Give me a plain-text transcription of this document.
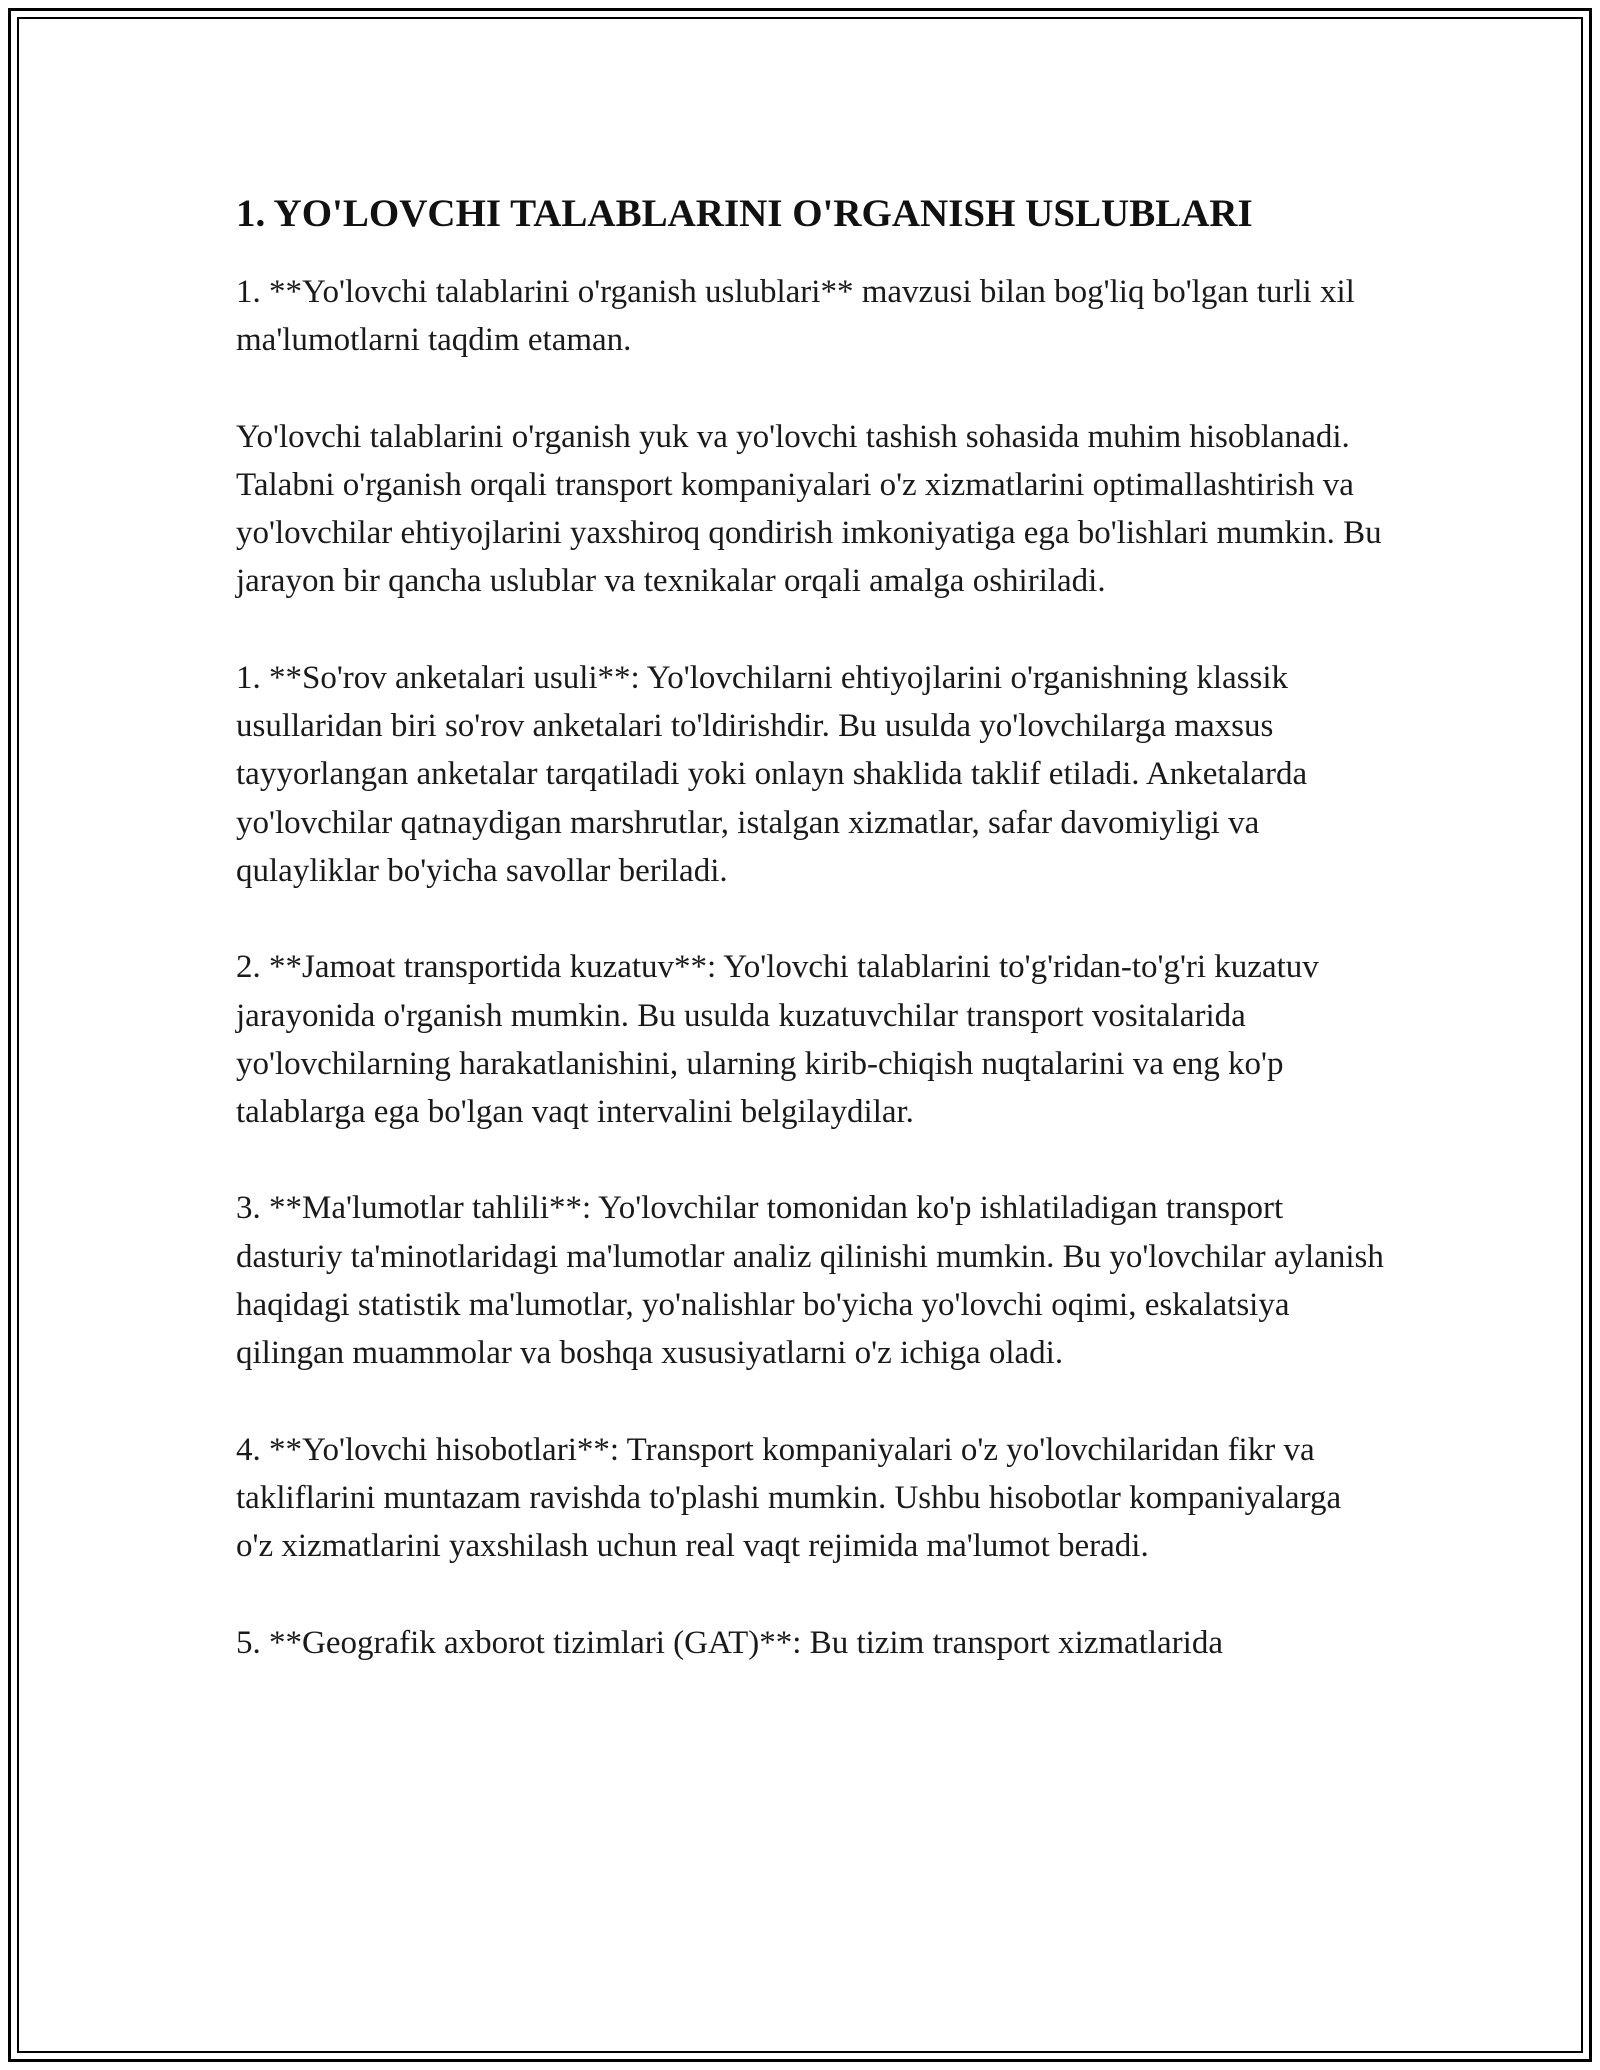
1. YO'LOVCHI TALABLARINI O'RGANISH USLUBLARI

1. **Yo'lovchi talablarini o'rganish uslublari** mavzusi bilan bog'liq bo'lgan turli xil ma'lumotlarni taqdim etaman.

Yo'lovchi talablarini o'rganish yuk va yo'lovchi tashish sohasida muhim hisoblanadi. Talabni o'rganish orqali transport kompaniyalari o'z xizmatlarini optimallashtirish va yo'lovchilar ehtiyojlarini yaxshiroq qondirish imkoniyatiga ega bo'lishlari mumkin. Bu jarayon bir qancha uslublar va texnikalar orqali amalga oshiriladi.

1. **So'rov anketalari usuli**: Yo'lovchilarni ehtiyojlarini o'rganishning klassik usullaridan biri so'rov anketalari to'ldirishdir. Bu usulda yo'lovchilarga maxsus tayyorlangan anketalar tarqatiladi yoki onlayn shaklida taklif etiladi. Anketalarda yo'lovchilar qatnaydigan marshrutlar, istalgan xizmatlar, safar davomiyligi va qulayliklar bo'yicha savollar beriladi.

2. **Jamoat transportida kuzatuv**: Yo'lovchi talablarini to'g'ridan-to'g'ri kuzatuv jarayonida o'rganish mumkin. Bu usulda kuzatuvchilar transport vositalarida yo'lovchilarning harakatlanishini, ularning kirib-chiqish nuqtalarini va eng ko'p talablarga ega bo'lgan vaqt intervalini belgilaydilar.

3. **Ma'lumotlar tahlili**: Yo'lovchilar tomonidan ko'p ishlatiladigan transport dasturiy ta'minotlaridagi ma'lumotlar analiz qilinishi mumkin. Bu yo'lovchilar aylanish haqidagi statistik ma'lumotlar, yo'nalishlar bo'yicha yo'lovchi oqimi, eskalatsiya qilingan muammolar va boshqa xususiyatlarni o'z ichiga oladi.

4. **Yo'lovchi hisobotlari**: Transport kompaniyalari o'z yo'lovchilaridan fikr va takliflarini muntazam ravishda to'plashi mumkin. Ushbu hisobotlar kompaniyalarga o'z xizmatlarini yaxshilash uchun real vaqt rejimida ma'lumot beradi.

5. **Geografik axborot tizimlari (GAT)**: Bu tizim transport xizmatlarida
